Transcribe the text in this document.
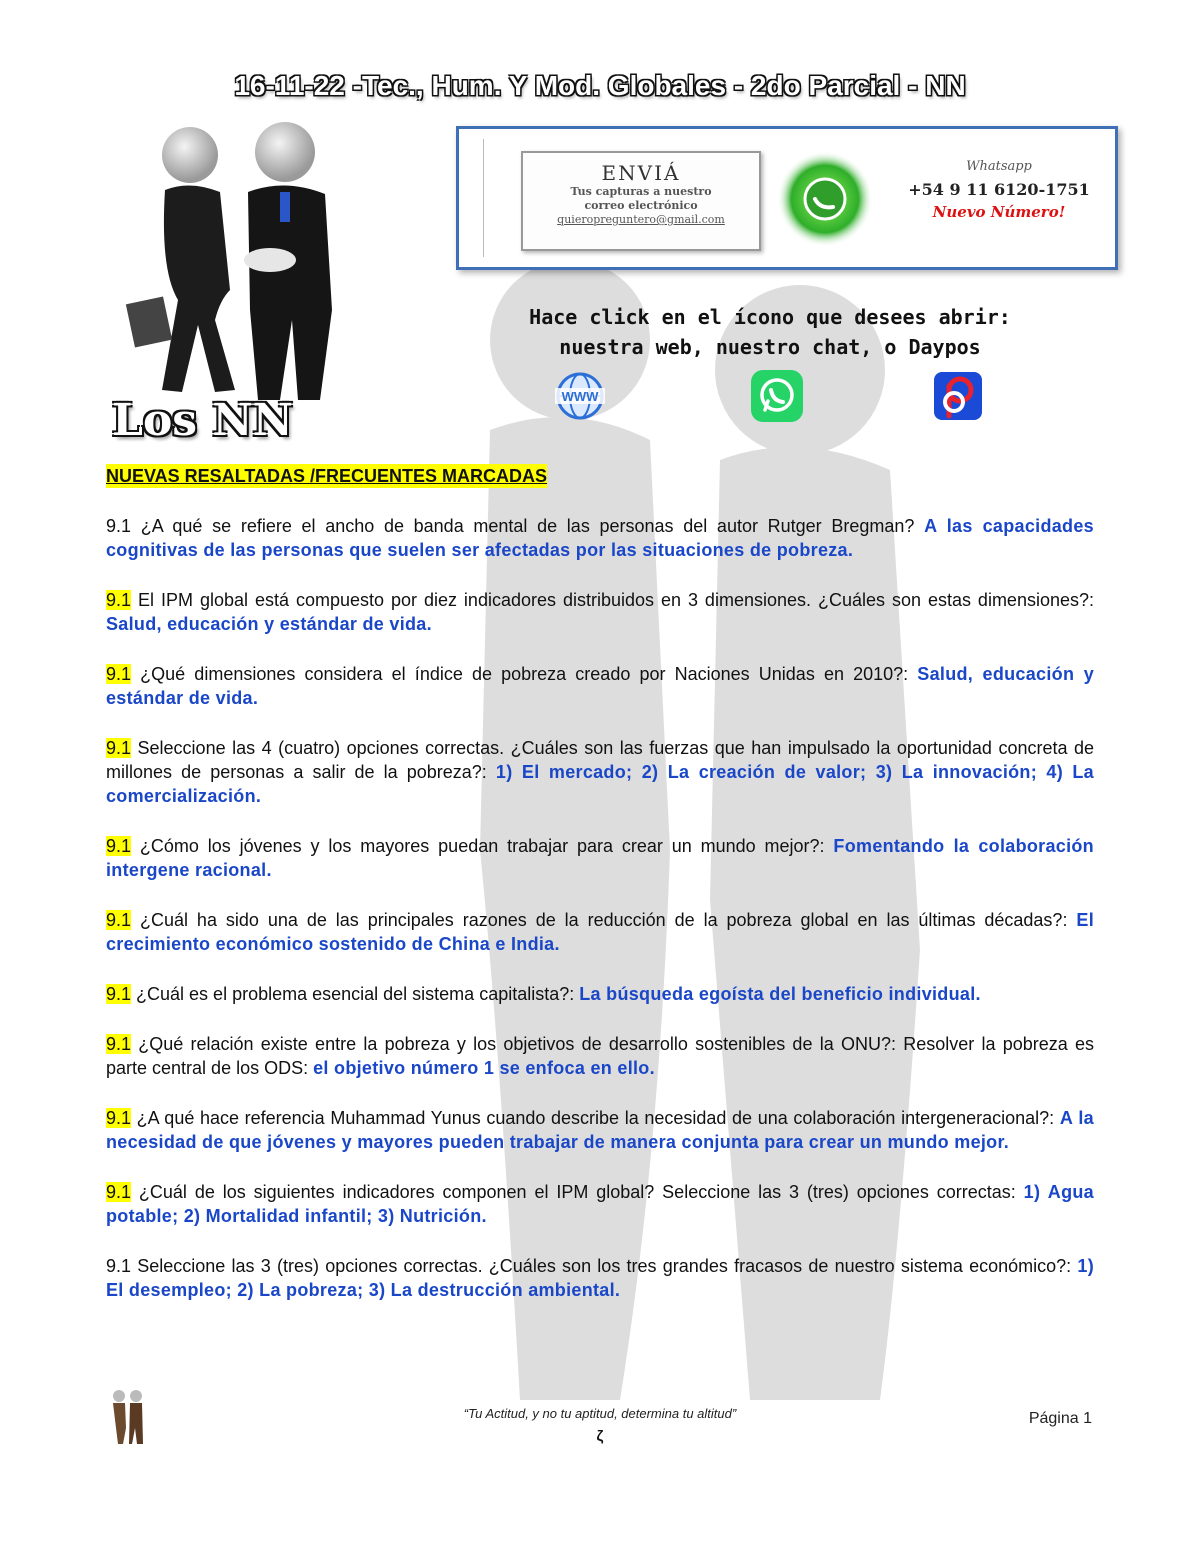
16-11-22 -Tec., Hum. Y Mod. Globales - 2do Parcial - NN
Los NN
ENVIÁ
Tus capturas a nuestro
correo electrónico
quieropreguntero@gmail.com
Whatsapp
+54 9 11 6120-1751
Nuevo Número!
Hace click en el ícono que desees abrir:
nuestra web, nuestro chat, o Daypos
WWW
NUEVAS RESALTADAS /FRECUENTES MARCADAS

9.1 ¿A qué se refiere el ancho de banda mental de las personas del autor Rutger Bregman? A las capacidades cognitivas de las personas que suelen ser afectadas por las situaciones de pobreza.

9.1 El IPM global está compuesto por diez indicadores distribuidos en 3 dimensiones. ¿Cuáles son estas dimensiones?: Salud, educación y estándar de vida.

9.1 ¿Qué dimensiones considera el índice de pobreza creado por Naciones Unidas en 2010?: Salud, educación y estándar de vida.

9.1 Seleccione las 4 (cuatro) opciones correctas. ¿Cuáles son las fuerzas que han impulsado la oportunidad concreta de millones de personas a salir de la pobreza?: 1) El mercado; 2) La creación de valor; 3) La innovación; 4) La comercialización.

9.1 ¿Cómo los jóvenes y los mayores puedan trabajar para crear un mundo mejor?: Fomentando la colaboración intergene racional.

9.1 ¿Cuál ha sido una de las principales razones de la reducción de la pobreza global en las últimas décadas?: El crecimiento económico sostenido de China e India.

9.1 ¿Cuál es el problema esencial del sistema capitalista?: La búsqueda egoísta del beneficio individual.

9.1 ¿Qué relación existe entre la pobreza y los objetivos de desarrollo sostenibles de la ONU?: Resolver la pobreza es parte central de los ODS: el objetivo número 1 se enfoca en ello.

9.1 ¿A qué hace referencia Muhammad Yunus cuando describe la necesidad de una colaboración intergeneracional?: A la necesidad de que jóvenes y mayores pueden trabajar de manera conjunta para crear un mundo mejor.

9.1 ¿Cuál de los siguientes indicadores componen el IPM global? Seleccione las 3 (tres) opciones correctas: 1) Agua potable; 2) Mortalidad infantil; 3) Nutrición.

9.1 Seleccione las 3 (tres) opciones correctas. ¿Cuáles son los tres grandes fracasos de nuestro sistema económico?: 1) El desempleo; 2) La pobreza; 3) La destrucción ambiental.

“Tu Actitud, y no tu aptitud, determina tu altitud”
ζ
Página 1
